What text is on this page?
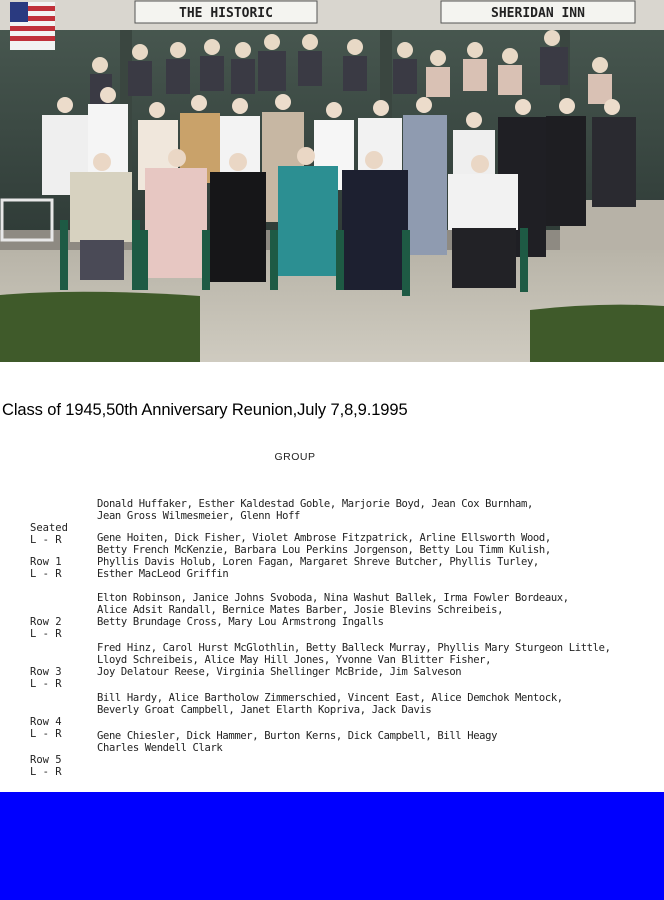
THE HISTORIC	SHERIDAN INN
Class of 1945,50th Anniversary Reunion,July 7,8,9.1995
GROUP

Seated
L - R

Donald Huffaker, Esther Kaldestad Goble, Marjorie Boyd, Jean Cox Burnham,
Jean Gross Wilmesmeier, Glenn Hoff

Row 1
L - R

Gene Hoiten, Dick Fisher, Violet Ambrose Fitzpatrick, Arline Ellsworth Wood,
Betty French McKenzie, Barbara Lou Perkins Jorgenson, Betty Lou Timm Kulish,
Phyllis Davis Holub, Loren Fagan, Margaret Shreve Butcher, Phyllis Turley,
Esther MacLeod Griffin

Row 2
L - R

Elton Robinson, Janice Johns Svoboda, Nina Washut Ballek, Irma Fowler Bordeaux,
Alice Adsit Randall, Bernice Mates Barber, Josie Blevins Schreibeis,
Betty Brundage Cross, Mary Lou Armstrong Ingalls

Row 3
L - R

Fred Hinz, Carol Hurst McGlothlin, Betty Balleck Murray, Phyllis Mary Sturgeon Little,
Lloyd Schreibeis, Alice May Hill Jones, Yvonne Van Blitter Fisher,
Joy Delatour Reese, Virginia Shellinger McBride, Jim Salveson

Row 4
L - R

Bill Hardy, Alice Bartholow Zimmerschied, Vincent East, Alice Demchok Mentock,
Beverly Groat Campbell, Janet Elarth Kopriva, Jack Davis

Row 5
L - R

Gene Chiesler, Dick Hammer, Burton Kerns, Dick Campbell, Bill Heagy
Charles Wendell Clark
